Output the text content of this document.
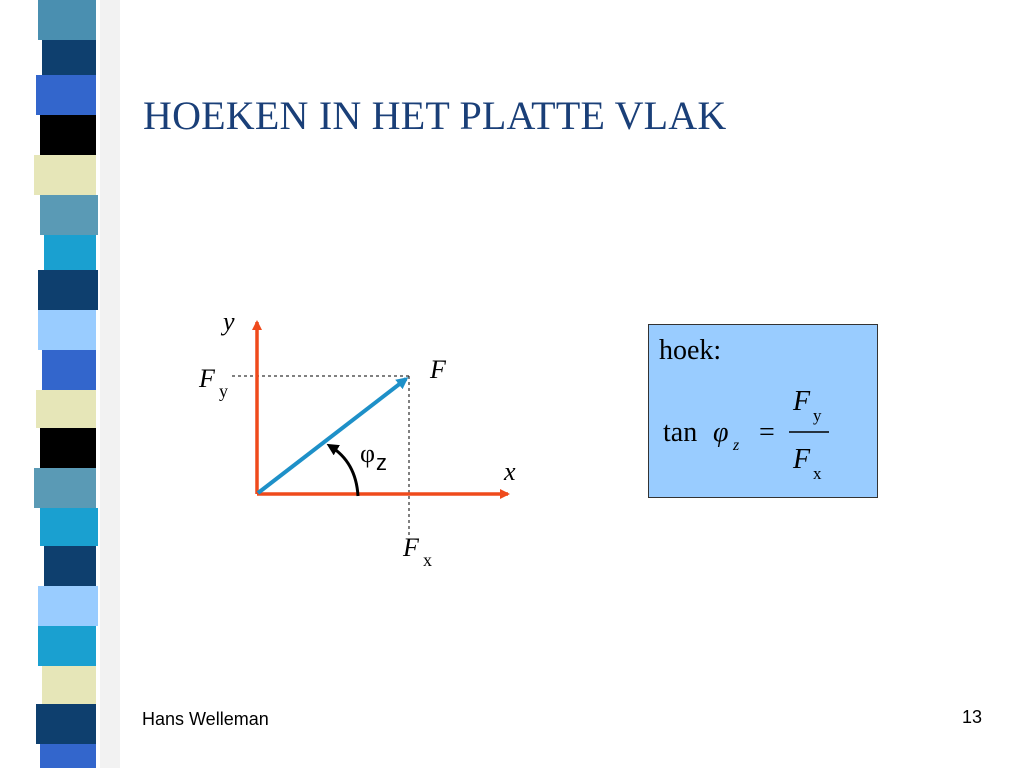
HOEKEN IN HET PLATTE VLAK
y
x
F
F y
F x
φ z
hoek:
tan φ z =
F y
F x
Hans Welleman	13
